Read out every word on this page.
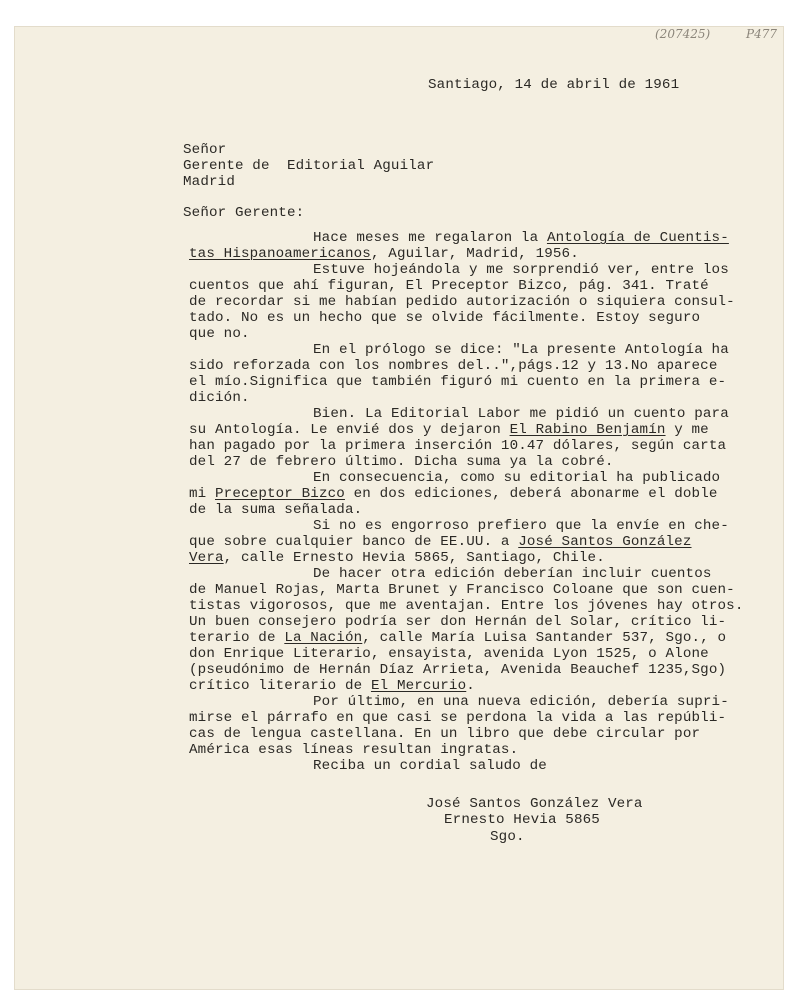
(207425)	P477
Santiago, 14 de abril de 1961
Señor
Gerente de  Editorial Aguilar
Madrid
Señor Gerente:
Hace meses me regalaron la Antología de Cuentis-
tas Hispanoamericanos, Aguilar, Madrid, 1956.
Estuve hojeándola y me sorprendió ver, entre los
cuentos que ahí figuran, El Preceptor Bizco, pág. 341. Traté
de recordar si me habían pedido autorización o siquiera consul-
tado. No es un hecho que se olvide fácilmente. Estoy seguro
que no.
En el prólogo se dice: "La presente Antología ha
sido reforzada con los nombres del..",págs.12 y 13.No aparece
el mío.Significa que también figuró mi cuento en la primera e-
dición.
Bien. La Editorial Labor me pidió un cuento para
su Antología. Le envié dos y dejaron El Rabino Benjamín y me
han pagado por la primera inserción 10.47 dólares, según carta
del 27 de febrero último. Dicha suma ya la cobré.
En consecuencia, como su editorial ha publicado
mi Preceptor Bizco en dos ediciones, deberá abonarme el doble
de la suma señalada.
Si no es engorroso prefiero que la envíe en che-
que sobre cualquier banco de EE.UU. a José Santos González
Vera, calle Ernesto Hevia 5865, Santiago, Chile.
De hacer otra edición deberían incluir cuentos
de Manuel Rojas, Marta Brunet y Francisco Coloane que son cuen-
tistas vigorosos, que me aventajan. Entre los jóvenes hay otros.
Un buen consejero podría ser don Hernán del Solar, crítico li-
terario de La Nación, calle María Luisa Santander 537, Sgo., o
don Enrique Literario, ensayista, avenida Lyon 1525, o Alone
(pseudónimo de Hernán Díaz Arrieta, Avenida Beauchef 1235,Sgo)
crítico literario de El Mercurio.
Por último, en una nueva edición, debería supri-
mirse el párrafo en que casi se perdona la vida a las repúbli-
cas de lengua castellana. En un libro que debe circular por
América esas líneas resultan ingratas.
Reciba un cordial saludo de
José Santos González Vera
Ernesto Hevia 5865
Sgo.
